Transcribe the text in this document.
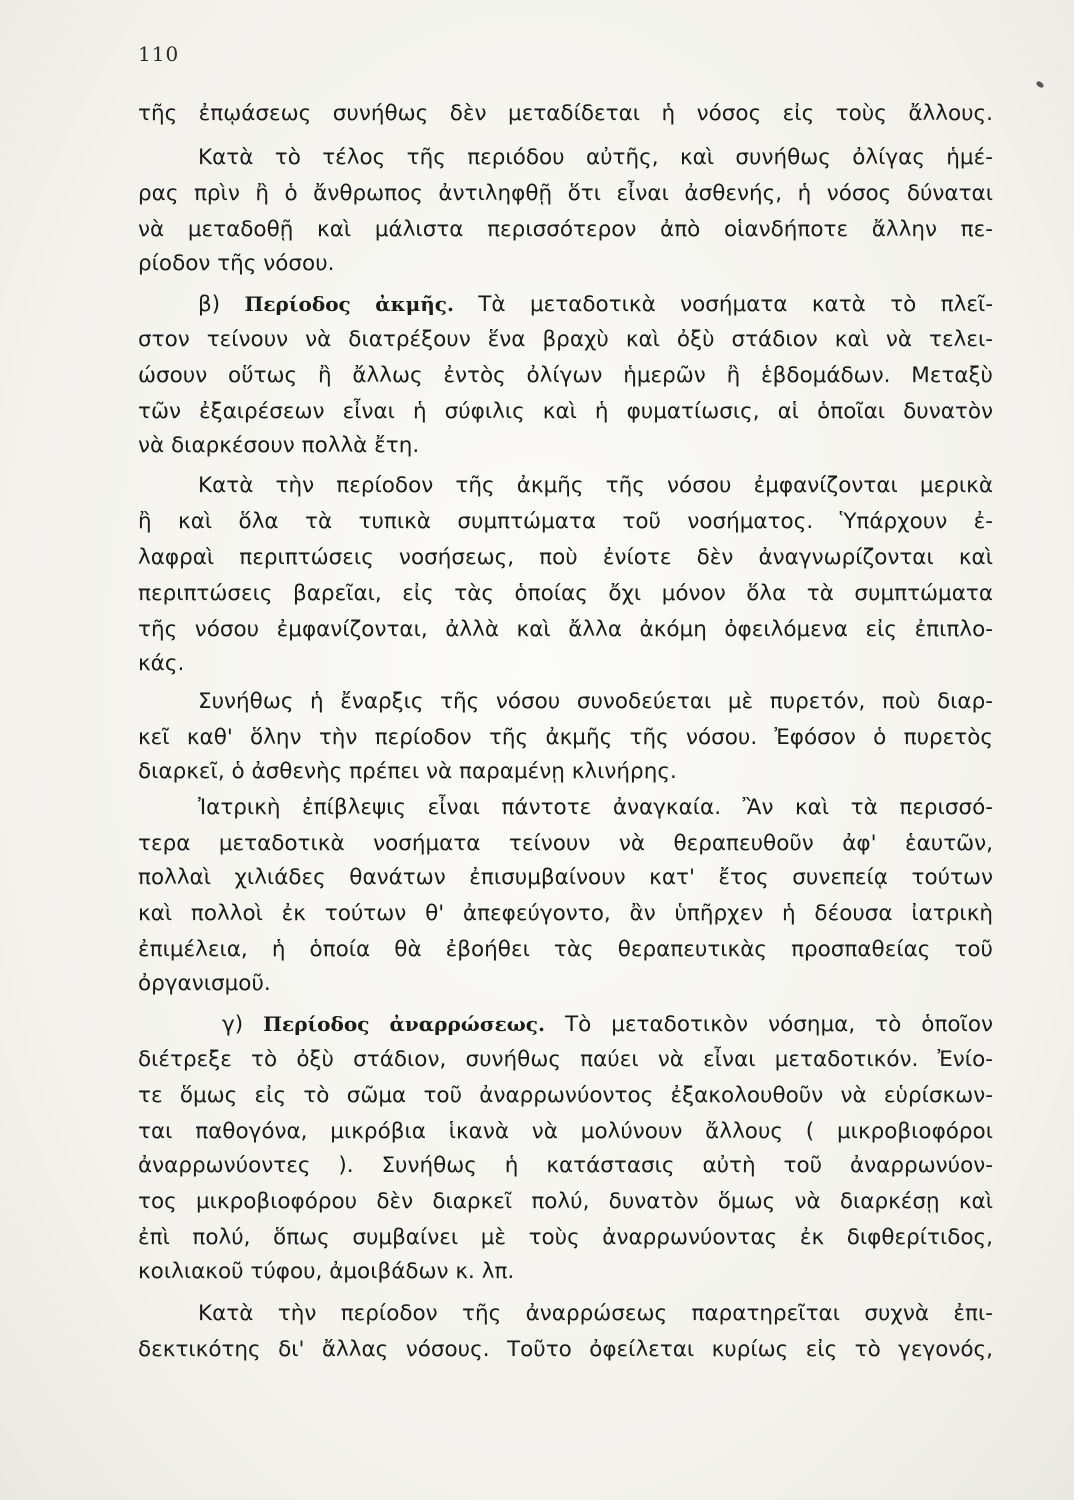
110
τῆς ἐπῳάσεως συνήθως δὲν μεταδίδεται ἡ νόσος εἰς τοὺς ἄλλους.
Κατὰ τὸ τέλος τῆς περιόδου αὐτῆς, καὶ συνήθως ὀλίγας ἡμέ-
ρας πρὶν ἢ ὁ ἄνθρωπος ἀντιληφθῇ ὅτι εἶναι ἀσθενής, ἡ νόσος δύναται
νὰ μεταδοθῇ καὶ μάλιστα περισσότερον ἀπὸ οἱανδήποτε ἄλλην πε-
ρίοδον τῆς νόσου.
β) Περίοδος ἀκμῆς. Τὰ μεταδοτικὰ νοσήματα κατὰ τὸ πλεῖ-
στον τείνουν νὰ διατρέξουν ἕνα βραχὺ καὶ ὀξὺ στάδιον καὶ νὰ τελει-
ώσουν οὕτως ἢ ἄλλως ἐντὸς ὀλίγων ἡμερῶν ἢ ἑβδομάδων. Μεταξὺ
τῶν ἐξαιρέσεων εἶναι ἡ σύφιλις καὶ ἡ φυματίωσις, αἱ ὁποῖαι δυνατὸν
νὰ διαρκέσουν πολλὰ ἔτη.
Κατὰ τὴν περίοδον τῆς ἀκμῆς τῆς νόσου ἐμφανίζονται μερικὰ
ἢ καὶ ὅλα τὰ τυπικὰ συμπτώματα τοῦ νοσήματος. Ὑπάρχουν ἐ-
λαφραὶ περιπτώσεις νοσήσεως, ποὺ ἐνίοτε δὲν ἀναγνωρίζονται καὶ
περιπτώσεις βαρεῖαι, εἰς τὰς ὁποίας ὄχι μόνον ὅλα τὰ συμπτώματα
τῆς νόσου ἐμφανίζονται, ἀλλὰ καὶ ἄλλα ἀκόμη ὀφειλόμενα εἰς ἐπιπλο-
κάς.
Συνήθως ἡ ἔναρξις τῆς νόσου συνοδεύεται μὲ πυρετόν, ποὺ διαρ-
κεῖ καθ' ὅλην τὴν περίοδον τῆς ἀκμῆς τῆς νόσου. Ἐφόσον ὁ πυρετὸς
διαρκεῖ, ὁ ἀσθενὴς πρέπει νὰ παραμένῃ κλινήρης.
Ἰατρικὴ ἐπίβλεψις εἶναι πάντοτε ἀναγκαία. Ἂν καὶ τὰ περισσό-
τερα μεταδοτικὰ νοσήματα τείνουν νὰ θεραπευθοῦν ἀφ' ἑαυτῶν,
πολλαὶ χιλιάδες θανάτων ἐπισυμβαίνουν κατ' ἔτος συνεπείᾳ τούτων
καὶ πολλοὶ ἐκ τούτων θ' ἀπεφεύγοντο, ἂν ὑπῆρχεν ἡ δέουσα ἰατρικὴ
ἐπιμέλεια, ἡ ὁποία θὰ ἐβοήθει τὰς θεραπευτικὰς προσπαθείας τοῦ
ὀργανισμοῦ.
γ) Περίοδος ἀναρρώσεως. Τὸ μεταδοτικὸν νόσημα, τὸ ὁποῖον
διέτρεξε τὸ ὀξὺ στάδιον, συνήθως παύει νὰ εἶναι μεταδοτικόν. Ἐνίο-
τε ὅμως εἰς τὸ σῶμα τοῦ ἀναρρωνύοντος ἐξακολουθοῦν νὰ εὑρίσκων-
ται παθογόνα, μικρόβια ἱκανὰ νὰ μολύνουν ἄλλους ( μικροβιοφόροι
ἀναρρωνύοντες ). Συνήθως ἡ κατάστασις αὐτὴ τοῦ ἀναρρωνύον-
τος μικροβιοφόρου δὲν διαρκεῖ πολύ, δυνατὸν ὅμως νὰ διαρκέσῃ καὶ
ἐπὶ πολύ, ὅπως συμβαίνει μὲ τοὺς ἀναρρωνύοντας ἐκ διφθερίτιδος,
κοιλιακοῦ τύφου, ἀμοιβάδων κ. λπ.
Κατὰ τὴν περίοδον τῆς ἀναρρώσεως παρατηρεῖται συχνὰ ἐπι-
δεκτικότης δι' ἄλλας νόσους. Τοῦτο ὀφείλεται κυρίως εἰς τὸ γεγονός,
